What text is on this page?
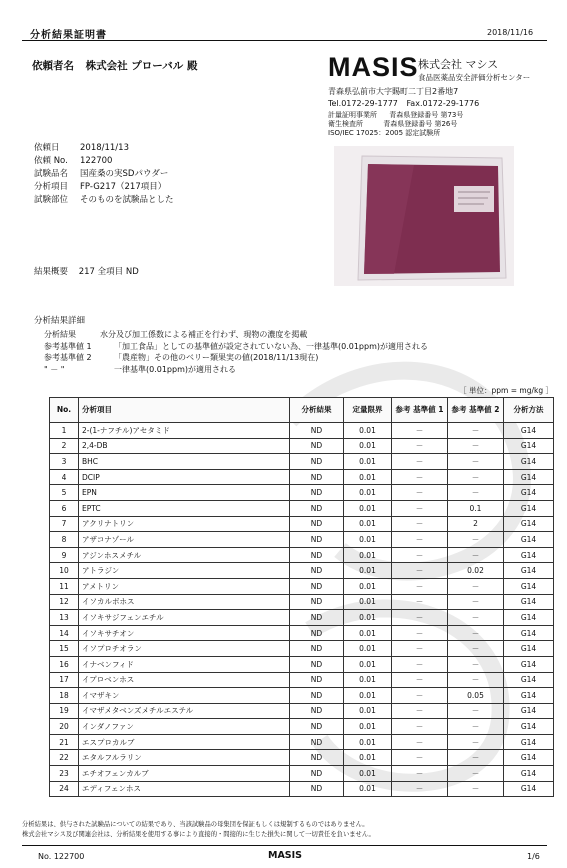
分析結果証明書	2018/11/16
依頼者名 株式会社 プローバル 殿	MASIS 株式会社 マシス
食品医薬品安全評価分析センター
青森県弘前市大字賜町二丁目2番地7
Tel.0172-29-1777 Fax.0172-29-1776
計量証明事業所 青森県登録番号 第73号
衛生検査所	青森県登録番号 第26号
ISO/IEC 17025：2005 認定試験所
依頼日 2018/11/13
依頼 No. 122700
試験品名 国産桑の実SDパウダー
分析項目 FP-G217（217項目）
試験部位 そのものを試験品とした
結果概要 217 全項目 ND
分析結果詳細
分析結果	水分及び加工係数による補正を行わず、現物の濃度を掲載
参考基準値 1	「加工食品」としての基準値が設定されていない為、一律基準(0.01ppm)が適用される
参考基準値 2	「農産物」その他のベリー類果実の値(2018/11/13現在)
" － "	一律基準(0.01ppm)が適用される
［ 単位：ppm = mg/kg ］
No.	分析項目	分析結果	定量限界	参考 基準値 1	参考 基準値 2	分析方法
1	2-(1-ナフチル)アセタミド	ND	0.01	－	－	G14
2	2,4-DB	ND	0.01	－	－	G14
3	BHC	ND	0.01	－	－	G14
4	DCIP	ND	0.01	－	－	G14
5	EPN	ND	0.01	－	－	G14
6	EPTC	ND	0.01	－	0.1	G14
7	アクリナトリン	ND	0.01	－	2	G14
8	アザコナゾール	ND	0.01	－	－	G14
9	アジンホスメチル	ND	0.01	－	－	G14
10	アトラジン	ND	0.01	－	0.02	G14
11	アメトリン	ND	0.01	－	－	G14
12	イソカルボホス	ND	0.01	－	－	G14
13	イソキサジフェンエチル	ND	0.01	－	－	G14
14	イソキサチオン	ND	0.01	－	－	G14
15	イソプロチオラン	ND	0.01	－	－	G14
16	イナベンフィド	ND	0.01	－	－	G14
17	イプロベンホス	ND	0.01	－	－	G14
18	イマザキン	ND	0.01	－	0.05	G14
19	イマザメタベンズメチルエステル	ND	0.01	－	－	G14
20	インダノファン	ND	0.01	－	－	G14
21	エスプロカルブ	ND	0.01	－	－	G14
22	エタルフルラリン	ND	0.01	－	－	G14
23	エチオフェンカルブ	ND	0.01	－	－	G14
24	エディフェンホス	ND	0.01	－	－	G14
分析結果は、供与された試験品についての結果であり、当該試験品の母集団を保証もしくは規制するものではありません。
株式会社マシス及び関連会社は、分析結果を使用する事により直接的・間接的に生じた損失に関して一切責任を負いません。
No. 122700	MASIS	1/6
